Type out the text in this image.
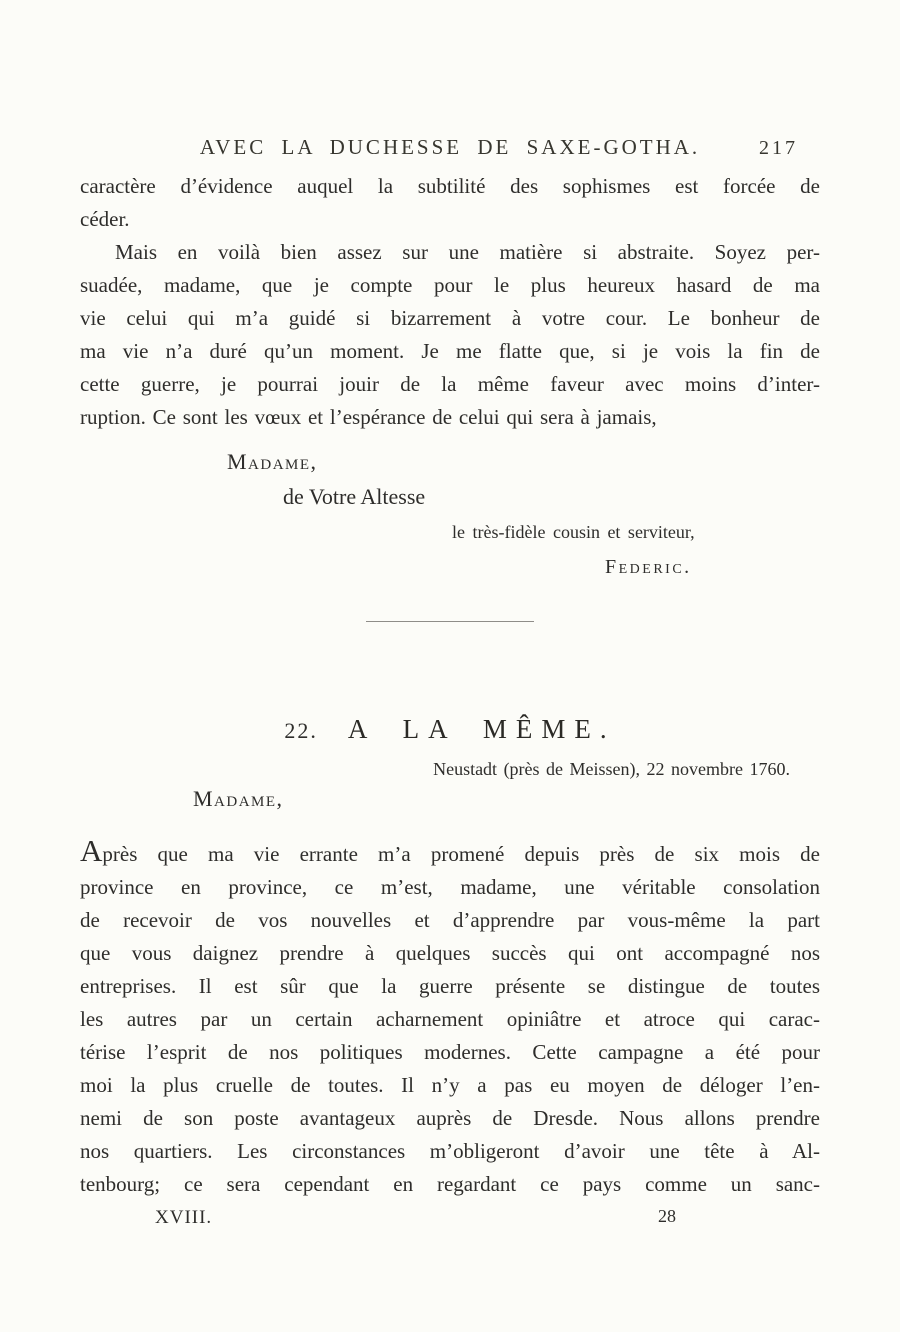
AVEC LA DUCHESSE DE SAXE-GOTHA.	217
caractère d’évidence auquel la subtilité des sophismes est forcée de
céder.
Mais en voilà bien assez sur une matière si abstraite. Soyez per-
suadée, madame, que je compte pour le plus heureux hasard de ma
vie celui qui m’a guidé si bizarrement à votre cour. Le bonheur de
ma vie n’a duré qu’un moment. Je me flatte que, si je vois la fin de
cette guerre, je pourrai jouir de la même faveur avec moins d’inter-
ruption. Ce sont les vœux et l’espérance de celui qui sera à jamais,
Madame,
de Votre Altesse
le très-fidèle cousin et serviteur,
Federic.
22. A LA MÊME.
Neustadt (près de Meissen), 22 novembre 1760.
Madame,
Après que ma vie errante m’a promené depuis près de six mois de
province en province, ce m’est, madame, une véritable consolation
de recevoir de vos nouvelles et d’apprendre par vous-même la part
que vous daignez prendre à quelques succès qui ont accompagné nos
entreprises. Il est sûr que la guerre présente se distingue de toutes
les autres par un certain acharnement opiniâtre et atroce qui carac-
térise l’esprit de nos politiques modernes. Cette campagne a été pour
moi la plus cruelle de toutes. Il n’y a pas eu moyen de déloger l’en-
nemi de son poste avantageux auprès de Dresde. Nous allons prendre
nos quartiers. Les circonstances m’obligeront d’avoir une tête à Al-
tenbourg; ce sera cependant en regardant ce pays comme un sanc-
XVIII.	28
